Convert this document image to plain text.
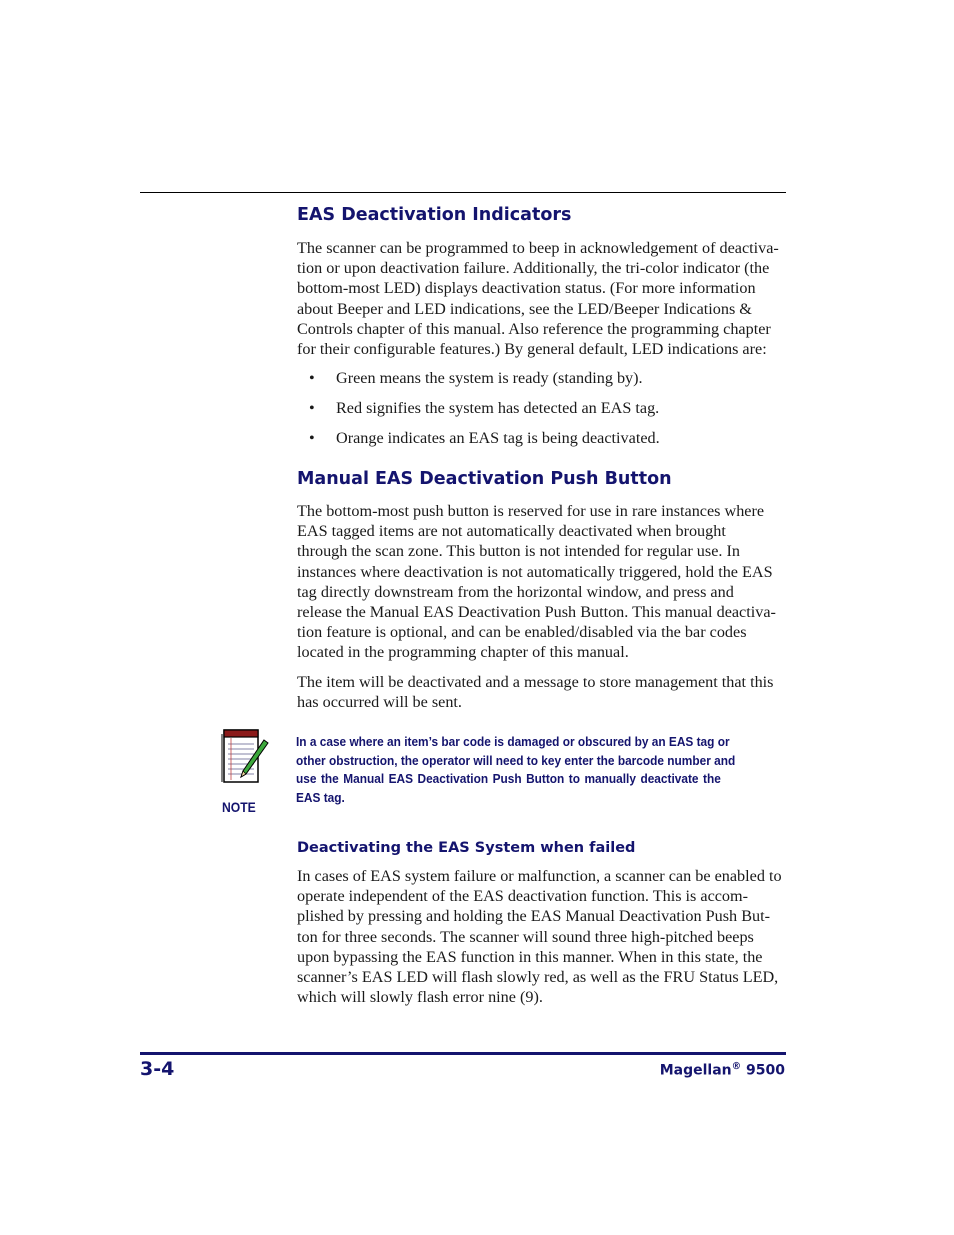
EAS Deactivation Indicators
The scanner can be programmed to beep in acknowledgement of deactiva-
tion or upon deactivation failure. Additionally, the tri-color indicator (the
bottom-most LED) displays deactivation status. (For more information
about Beeper and LED indications, see the LED/Beeper Indications &
Controls chapter of this manual. Also reference the programming chapter
for their configurable features.) By general default, LED indications are:
• Green means the system is ready (standing by).
• Red signifies the system has detected an EAS tag.
• Orange indicates an EAS tag is being deactivated.
Manual EAS Deactivation Push Button
The bottom-most push button is reserved for use in rare instances where
EAS tagged items are not automatically deactivated when brought
through the scan zone. This button is not intended for regular use. In
instances where deactivation is not automatically triggered, hold the EAS
tag directly downstream from the horizontal window, and press and
release the Manual EAS Deactivation Push Button. This manual deactiva-
tion feature is optional, and can be enabled/disabled via the bar codes
located in the programming chapter of this manual.
The item will be deactivated and a message to store management that this
has occurred will be sent.
NOTE
In a case where an item’s bar code is damaged or obscured by an EAS tag or
other obstruction, the operator will need to key enter the barcode number and
use the Manual EAS Deactivation Push Button to manually deactivate the
EAS tag.
Deactivating the EAS System when failed
In cases of EAS system failure or malfunction, a scanner can be enabled to
operate independent of the EAS deactivation function. This is accom-
plished by pressing and holding the EAS Manual Deactivation Push But-
ton for three seconds. The scanner will sound three high-pitched beeps
upon bypassing the EAS function in this manner. When in this state, the
scanner’s EAS LED will flash slowly red, as well as the FRU Status LED,
which will slowly flash error nine (9).
3-4	Magellan® 9500
